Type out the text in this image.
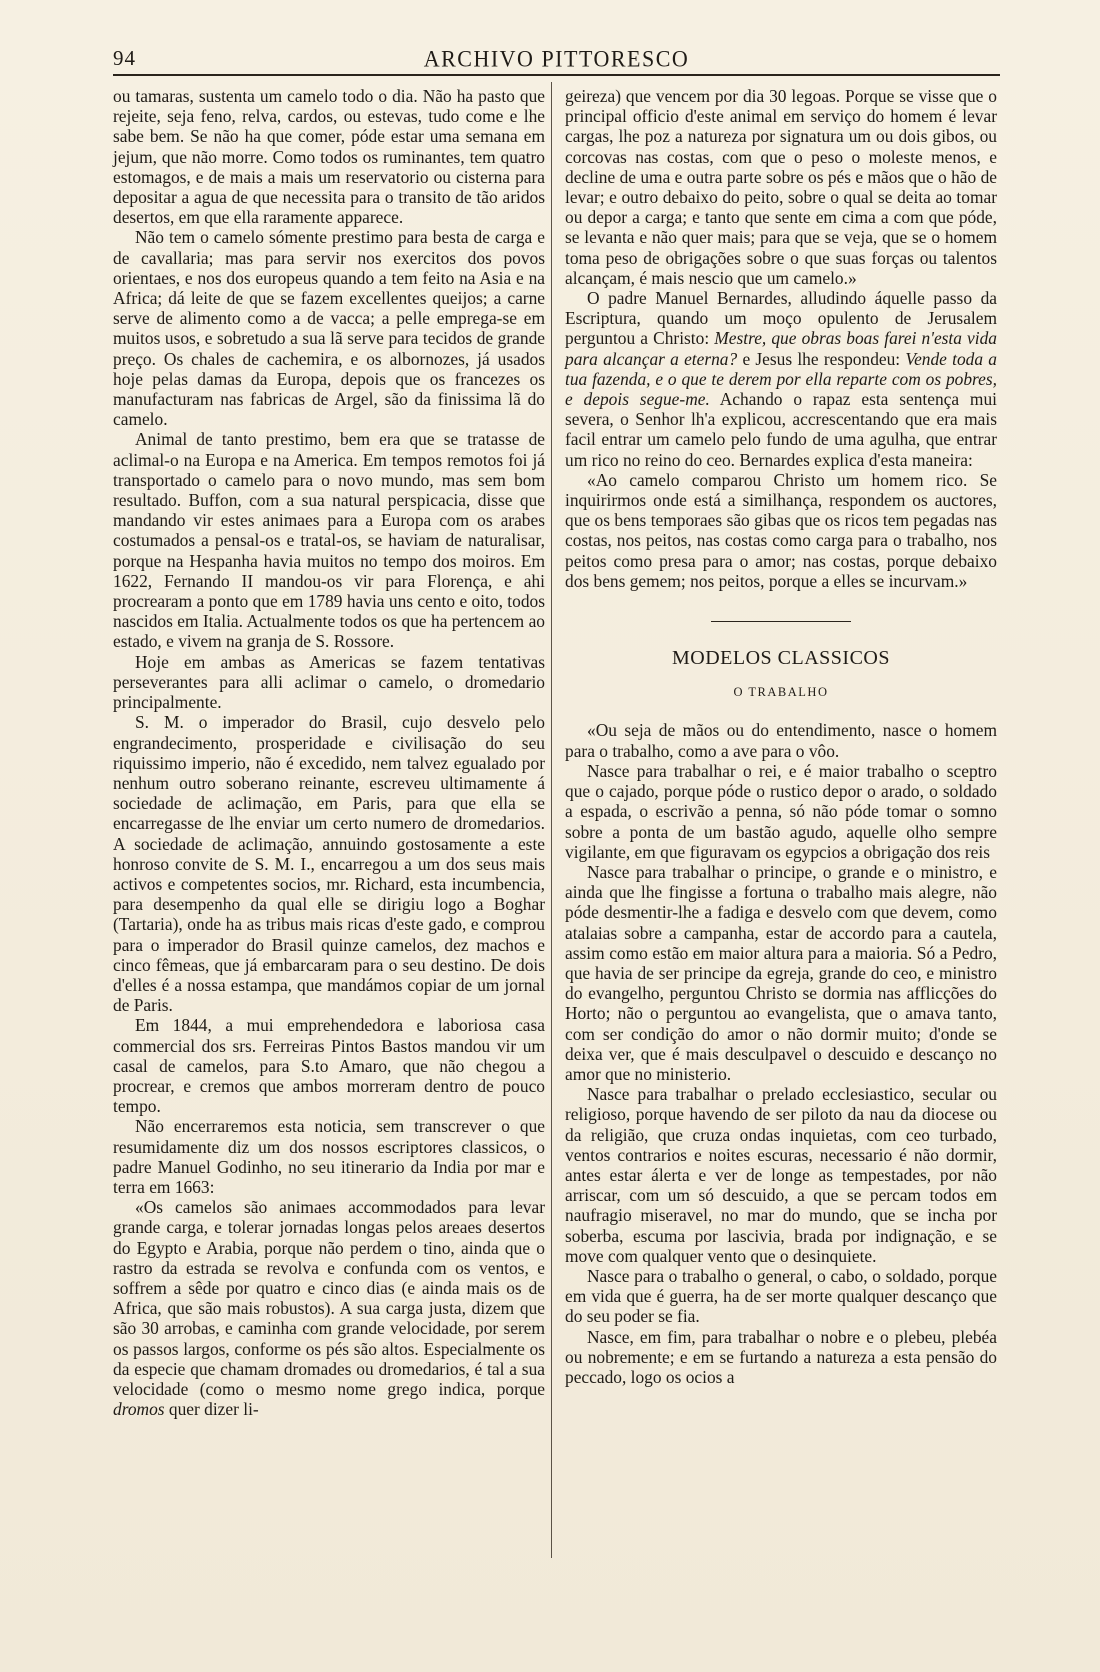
94	ARCHIVO PITTORESCO

ou tamaras, sustenta um camelo todo o dia. Não ha pasto que rejeite, seja feno, relva, cardos, ou estevas, tudo come e lhe sabe bem. Se não ha que comer, póde estar uma semana em jejum, que não morre. Como todos os ruminantes, tem quatro estomagos, e de mais a mais um reservatorio ou cisterna para depositar a agua de que necessita para o transito de tão aridos desertos, em que ella raramente apparece.

Não tem o camelo sómente prestimo para besta de carga e de cavallaria; mas para servir nos exercitos dos povos orientaes, e nos dos europeus quando a tem feito na Asia e na Africa; dá leite de que se fazem excellentes queijos; a carne serve de alimento como a de vacca; a pelle emprega-se em muitos usos, e sobretudo a sua lã serve para tecidos de grande preço. Os chales de cachemira, e os albornozes, já usados hoje pelas damas da Europa, depois que os francezes os manufacturam nas fabricas de Argel, são da finissima lã do camelo.

Animal de tanto prestimo, bem era que se tratasse de aclimal-o na Europa e na America. Em tempos remotos foi já transportado o camelo para o novo mundo, mas sem bom resultado. Buffon, com a sua natural perspicacia, disse que mandando vir estes animaes para a Europa com os arabes costumados a pensal-os e tratal-os, se haviam de naturalisar, porque na Hespanha havia muitos no tempo dos moiros. Em 1622, Fernando II mandou-os vir para Florença, e ahi procrearam a ponto que em 1789 havia uns cento e oito, todos nascidos em Italia. Actualmente todos os que ha pertencem ao estado, e vivem na granja de S. Rossore.

Hoje em ambas as Americas se fazem tentativas perseverantes para alli aclimar o camelo, o dromedario principalmente.

S. M. o imperador do Brasil, cujo desvelo pelo engrandecimento, prosperidade e civilisação do seu riquissimo imperio, não é excedido, nem talvez egualado por nenhum outro soberano reinante, escreveu ultimamente á sociedade de aclimação, em Paris, para que ella se encarregasse de lhe enviar um certo numero de dromedarios. A sociedade de aclimação, annuindo gostosamente a este honroso convite de S. M. I., encarregou a um dos seus mais activos e competentes socios, mr. Richard, esta incumbencia, para desempenho da qual elle se dirigiu logo a Boghar (Tartaria), onde ha as tribus mais ricas d'este gado, e comprou para o imperador do Brasil quinze camelos, dez machos e cinco fêmeas, que já embarcaram para o seu destino. De dois d'elles é a nossa estampa, que mandámos copiar de um jornal de Paris.

Em 1844, a mui emprehendedora e laboriosa casa commercial dos srs. Ferreiras Pintos Bastos mandou vir um casal de camelos, para S.to Amaro, que não chegou a procrear, e cremos que ambos morreram dentro de pouco tempo.

Não encerraremos esta noticia, sem transcrever o que resumidamente diz um dos nossos escriptores classicos, o padre Manuel Godinho, no seu itinerario da India por mar e terra em 1663:

«Os camelos são animaes accommodados para levar grande carga, e tolerar jornadas longas pelos areaes desertos do Egypto e Arabia, porque não perdem o tino, ainda que o rastro da estrada se revolva e confunda com os ventos, e soffrem a sêde por quatro e cinco dias (e ainda mais os de Africa, que são mais robustos). A sua carga justa, dizem que são 30 arrobas, e caminha com grande velocidade, por serem os passos largos, conforme os pés são altos. Especialmente os da especie que chamam dromades ou dromedarios, é tal a sua velocidade (como o mesmo nome grego indica, porque dromos quer dizer li-

geireza) que vencem por dia 30 legoas. Porque se visse que o principal officio d'este animal em serviço do homem é levar cargas, lhe poz a natureza por signatura um ou dois gibos, ou corcovas nas costas, com que o peso o moleste menos, e decline de uma e outra parte sobre os pés e mãos que o hão de levar; e outro debaixo do peito, sobre o qual se deita ao tomar ou depor a carga; e tanto que sente em cima a com que póde, se levanta e não quer mais; para que se veja, que se o homem toma peso de obrigações sobre o que suas forças ou talentos alcançam, é mais nescio que um camelo.»

O padre Manuel Bernardes, alludindo áquelle passo da Escriptura, quando um moço opulento de Jerusalem perguntou a Christo: Mestre, que obras boas farei n'esta vida para alcançar a eterna? e Jesus lhe respondeu: Vende toda a tua fazenda, e o que te derem por ella reparte com os pobres, e depois segue-me. Achando o rapaz esta sentença mui severa, o Senhor lh'a explicou, accrescentando que era mais facil entrar um camelo pelo fundo de uma agulha, que entrar um rico no reino do ceo. Bernardes explica d'esta maneira:

«Ao camelo comparou Christo um homem rico. Se inquirirmos onde está a similhança, respondem os auctores, que os bens temporaes são gibas que os ricos tem pegadas nas costas, nos peitos, nas costas como carga para o trabalho, nos peitos como presa para o amor; nas costas, porque debaixo dos bens gemem; nos peitos, porque a elles se incurvam.»

MODELOS CLASSICOS
O TRABALHO

«Ou seja de mãos ou do entendimento, nasce o homem para o trabalho, como a ave para o vôo.

Nasce para trabalhar o rei, e é maior trabalho o sceptro que o cajado, porque póde o rustico depor o arado, o soldado a espada, o escrivão a penna, só não póde tomar o somno sobre a ponta de um bastão agudo, aquelle olho sempre vigilante, em que figuravam os egypcios a obrigação dos reis

Nasce para trabalhar o principe, o grande e o ministro, e ainda que lhe fingisse a fortuna o trabalho mais alegre, não póde desmentir-lhe a fadiga e desvelo com que devem, como atalaias sobre a campanha, estar de accordo para a cautela, assim como estão em maior altura para a maioria. Só a Pedro, que havia de ser principe da egreja, grande do ceo, e ministro do evangelho, perguntou Christo se dormia nas afflicções do Horto; não o perguntou ao evangelista, que o amava tanto, com ser condição do amor o não dormir muito; d'onde se deixa ver, que é mais desculpavel o descuido e descanço no amor que no ministerio.

Nasce para trabalhar o prelado ecclesiastico, secular ou religioso, porque havendo de ser piloto da nau da diocese ou da religião, que cruza ondas inquietas, com ceo turbado, ventos contrarios e noites escuras, necessario é não dormir, antes estar álerta e ver de longe as tempestades, por não arriscar, com um só descuido, a que se percam todos em naufragio miseravel, no mar do mundo, que se incha por soberba, escuma por lascivia, brada por indignação, e se move com qualquer vento que o desinquiete.

Nasce para o trabalho o general, o cabo, o soldado, porque em vida que é guerra, ha de ser morte qualquer descanço que do seu poder se fia.

Nasce, em fim, para trabalhar o nobre e o plebeu, plebéa ou nobremente; e em se furtando a natureza a esta pensão do peccado, logo os ocios a
